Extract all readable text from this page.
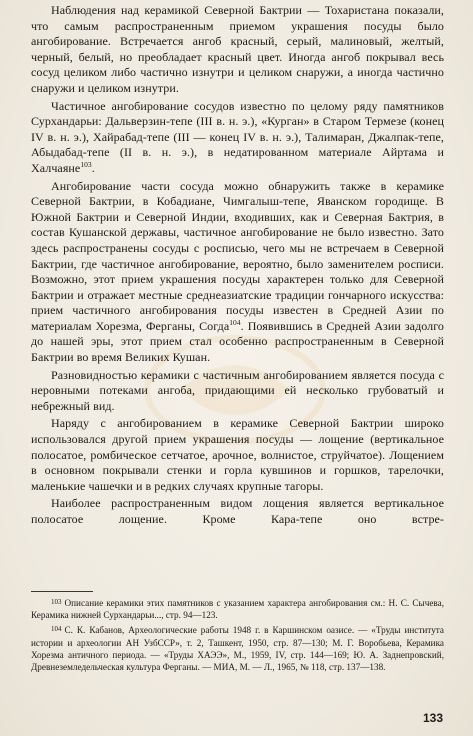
Наблюдения над керамикой Северной Бактрии — Тохаристана показали, что самым распространенным приемом украшения посуды было ангобирование. Встречается ангоб красный, серый, малиновый, желтый, черный, белый, но преобладает красный цвет. Иногда ангоб покрывал весь сосуд целиком либо частично изнутри и целиком снаружи, а иногда частично снаружи и целиком изнутри.

Частичное ангобирование сосудов известно по целому ряду памятников Сурхандарьи: Дальверзин-тепе (III в. н. э.), «Курган» в Старом Термезе (конец IV в. н. э.), Хайрабад-тепе (III — конец IV в. н. э.), Талимаран, Джалпак-тепе, Абыдабад-тепе (II в. н. э.), в недатированном материале Айртама и Халчаяне$^{103}$.

Ангобирование части сосуда можно обнаружить также в керамике Северной Бактрии, в Кобадиане, Чимгалыш-тепе, Яванском городище. В Южной Бактрии и Северной Индии, входивших, как и Северная Бактрия, в состав Кушанской державы, частичное ангобирование не было известно. Зато здесь распространены сосуды с росписью, чего мы не встречаем в Северной Бактрии, где частичное ангобирование, вероятно, было заменителем росписи. Возможно, этот прием украшения посуды характерен только для Северной Бактрии и отражает местные среднеазиатские традиции гончарного искусства: прием частичного ангобирования посуды известен в Средней Азии по материалам Хорезма, Ферганы, Согда$^{104}$. Появившись в Средней Азии задолго до нашей эры, этот прием стал особенно распространенным в Северной Бактрии во время Великих Кушан.

Разновидностью керамики с частичным ангобированием является посуда с неровными потеками ангоба, придающими ей несколько грубоватый и небрежный вид.

Наряду с ангобированием в керамике Северной Бактрии широко использовался другой прием украшения посуды — лощение (вертикальное полосатое, ромбическое сетчатое, арочное, волнистое, струйчатое). Лощением в основном покрывали стенки и горла кувшинов и горшков, тарелочки, маленькие чашечки и в редких случаях крупные тагоры.

Наиболее распространенным видом лощения является вертикальное полосатое лощение. Кроме Кара-тепе оно встре-

$^{103}$ Описание керамики этих памятников с указанием характера ангобирования см.: Н. С. Сычева, Керамика нижней Сурхандарьи..., стр. 94—123.

$^{104}$ С. К. Кабанов, Археологические работы 1948 г. в Каршинском оазисе. — «Труды института истории и археологии АН УзбССР», т. 2, Ташкент, 1950, стр. 87—130; М. Г. Воробьева, Керамика Хорезма античного периода. — «Труды ХАЭЭ», М., 1959, IV, стр. 144—169; Ю. А. Заднепровский, Древнеземледельческая культура Ферганы. — МИА, М. — Л., 1965, № 118, стр. 137—138.

133
